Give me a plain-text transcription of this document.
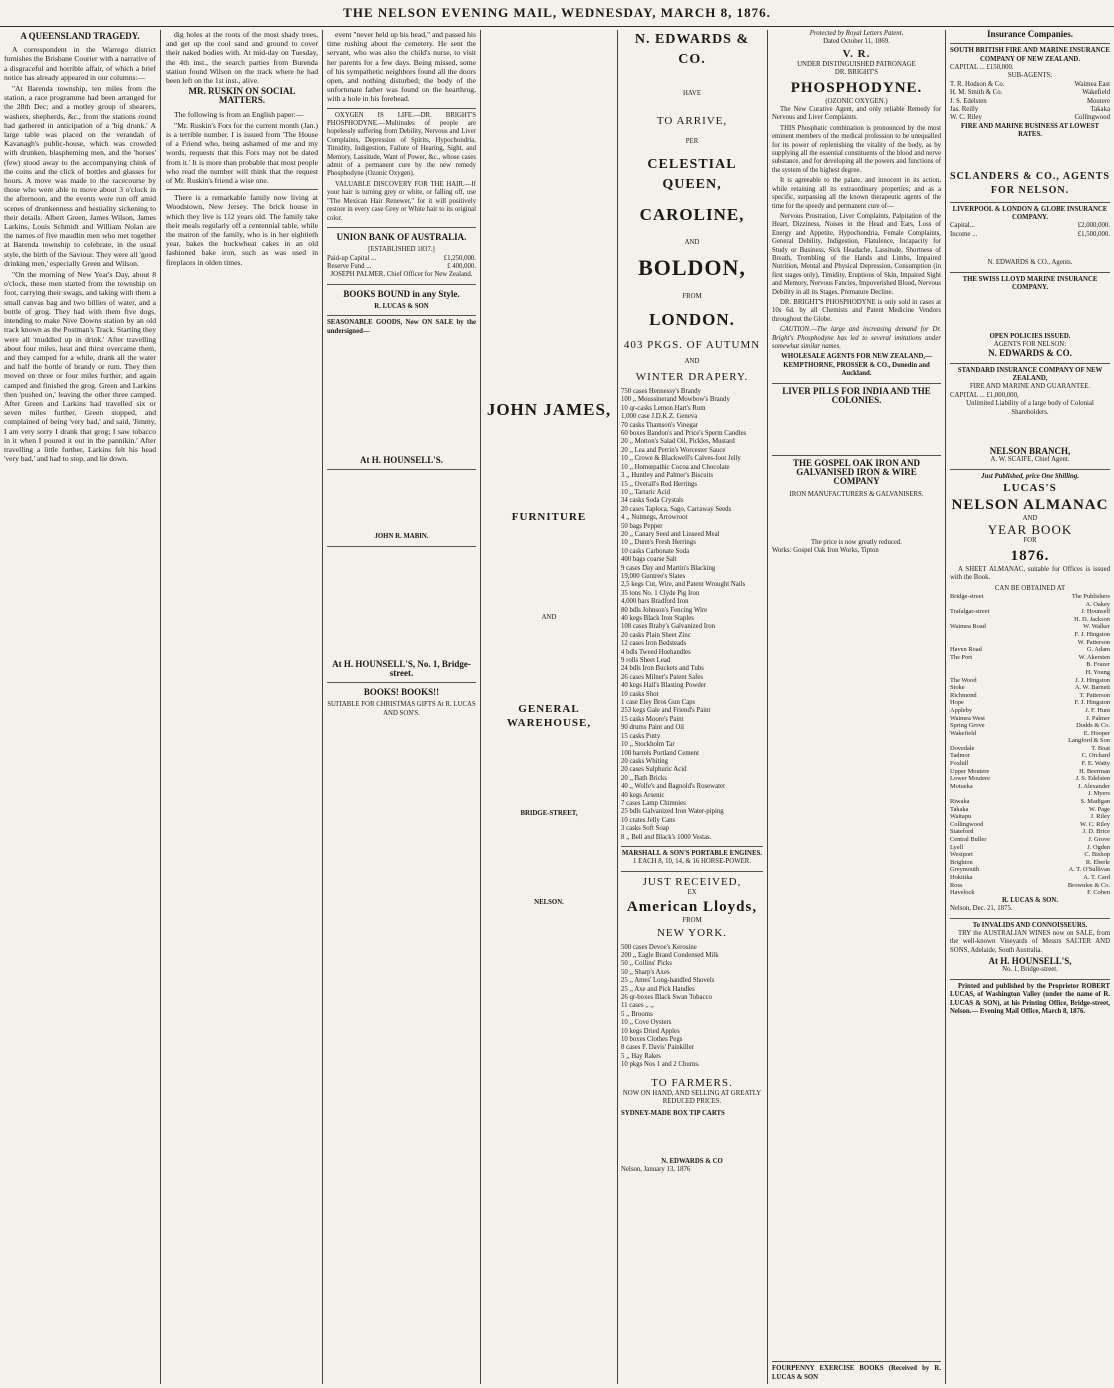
THE NELSON EVENING MAIL, WEDNESDAY, MARCH 8, 1876.
A QUEENSLAND TRAGEDY.

A correspondent in the Warrego district furnishes the Brisbane Courier with a narrative of a disgraceful and horrible affair, of which a brief notice has already appeared in our columns:—

"At Barenda township, ten miles from the station, a race programme had been arranged for the 28th Dec; and a motley group of shearers, washers, shepherds, &c., from the stations round had gathered in anticipation of a 'big drunk.' A large table was placed on the verandah of Kavanagh's public-house, which was crowded with drunken, blaspheming men, and the 'horses' (few) stood away to the accompanying chink of the coins and the click of bottles and glasses for hours. A move was made to the racecourse by those who were able to move about 3 o'clock in the afternoon, and the events were run off amid scenes of drunkenness and bestiality sickening to their details. Albert Green, James Wilson, James Larkins, Louis Schmidt and William Nolan are the names of five maudlin men who met together at Barenda township to celebrate, in the usual style, the birth of the Saviour. They were all 'good drinking men,' especially Green and Wilson.

"On the morning of New Year's Day, about 8 o'clock, these men started from the township on foot, carrying their swags, and taking with them a small canvas bag and two billies of water, and a bottle of grog. They had with them five dogs, intending to make Nive Downs station by an old track known as the Postman's Track. Starting they were all 'muddled up in drink.' After travelling about four miles, heat and thirst overcame them, and they camped for a while, drank all the water and half the bottle of brandy or rum. They then moved on three or four miles further, and again camped and finished the grog. Green and Larkins then 'pushed on,' leaving the other three camped. After Green and Larkins had travelled six or seven miles further, Green stopped, and complained of being 'very bad,' and said, 'Jimmy, I am very sorry I drank that grog; I saw tobacco in it when I poured it out in the pannikin.' After travelling a little further, Larkins felt his head 'very bad,' and had to stop, and lie down.

dig holes at the roots of the most shady trees, and get up the cool sand and ground to cover their naked bodies with. At mid-day on Tuesday, the 4th inst., the search parties from Burenda station found Wilson on the track where he had been left on the 1st inst., alive.

MR. RUSKIN ON SOCIAL MATTERS.

The following is from an English paper:—

"Mr. Ruskin's Fors for the current month (Jan.) is a terrible number. I is issued from 'The House of a Friend who, being ashamed of me and my words, requests that this Fors may not be dated from it.' It is more than probable that most people who read the number will think that the request of Mr. Ruskin's friend a wise one.

There is a remarkable family now living at Woodstown, New Jersey. The brick house in which they live is 112 years old. The family take their meals regularly off a centennial table, while the matron of the family, who is in her eightieth year, bakes the buckwheat cakes in an old fashioned bake iron, such as was used in fireplaces in olden times.

event "never held up his head," and passed his time rushing about the cemetery. He sent the servant, who was also the child's nurse, to visit her parents for a few days. Being missed, some of his sympathetic neighbors found all the doors open, and nothing disturbed; the body of the unfortunate father was found on the hearthrug, with a hole in his forehead.

OXYGEN IS LIFE.—DR. BRIGHT'S PHOSPHODYNE.—Multitudes of people are hopelessly suffering from Debility, Nervous and Liver Complaints, Depression of Spirits, Hypochondria, Timidity, Indigestion, Failure of Hearing, Sight, and Memory, Lassitude, Want of Power, &c., whose cases admit of a permanent cure by the new remedy Phosphodyne (Ozonic Oxygen).

VALUABLE DISCOVERY FOR THE HAIR.—If your hair is turning grey or white, or falling off, use "The Mexican Hair Renewer," for it will positively restore in every case Grey or White hair to its original color.

UNION BANK OF AUSTRALIA.
[ESTABLISHED 1837.]
Paid-up Capital ...	£1,250,000.
Reserve Fund ...	£ 400,000.
JOSEPH PALMER, Chief Officer for New Zealand.
BOOKS BOUND in any Style.
R. LUCAS & SON
SEASONABLE GOODS, Now ON SALE by the undersigned—
At H. HOUNSELL'S.
JOHN R. MABIN.
At H. HOUNSELL'S, No. 1, Bridge-street.
BOOKS! BOOKS!!
SUITABLE FOR CHRISTMAS GIFTS At R. LUCAS AND SON'S.
JOHN JAMES,
FURNITURE
AND
GENERAL WAREHOUSE,
BRIDGE-STREET,
NELSON.
N. EDWARDS & CO.
HAVE
TO ARRIVE,
PER
CELESTIAL QUEEN,
CAROLINE,
AND
BOLDON,
FROM
LONDON.
403 PKGS. OF AUTUMN
AND
WINTER DRAPERY.
750 cases Hennessy's Brandy
100 ,, Moussinerand Mowbow's Brandy
10 qr-casks Lemon Hart's Rum
1,000 case J.D.K.Z. Geneva
70 casks Thamson's Vinegar
60 boxes Bandon's and Price's Sperm Candles
20 ,, Motton's Salad Oil, Pickles, Mustard
20 ,, Lea and Perrin's Worcester Sauce
10 ,, Crowe & Blackwell's Calves-foot Jelly
10 ,, Homœpathic Cocoa and Chocolate
3 ,, Huntley and Palmer's Biscuits
15 ,, Overall's Red Herrings
10 ,, Tartaric Acid
34 casks Soda Crystals
20 cases Taploca, Sago, Carraway Seeds
4 ,, Nutmegs, Arrowroot
50 bags Pepper
20 ,, Canary Seed and Linseed Meal
10 ,, Dunn's Fresh Herrings
10 casks Carbonate Soda
400 bags coarse Salt
9 cases Day and Martin's Blacking
19,000 Guntree's Slates
2,5 kegs Cut, Wire, and Patent Wrought Nails
35 tons No. 1 Clyde Pig Iron
4,000 bars Bradford Iron
80 bdls Johnson's Fencing Wire
40 kegs Black Iron Staples
108 cases Braby's Galvanized Iron
20 casks Plain Sheet Zinc
12 cases Iron Bedsteads
4 bdls Tweed Hoehandles
9 rolls Sheet Lead
24 bdls Iron Buckets and Tubs
26 cases Milner's Patent Safes
40 kegs Hall's Blasting Powder
10 casks Shot
1 case Eley Bros Gun Caps
253 kegs Gale and Friend's Paint
15 casks Moore's Paint
90 drums Paint and Oil
15 casks Putty
10 ,, Stockholm Tar
100 barrels Portland Cement
20 casks Whiting
20 cases Sulphuric Acid
20 ,, Bath Bricks
40 ,, Wolfe's and Bagnold's Rosewater
40 kegs Arsenic
7 cases Lamp Chimnies
25 bdls Galvanized Iron Water-piping
10 crates Jelly Cans
3 casks Soft Soap
8 ,, Bell and Black's 1000 Vestas.
MARSHALL & SON'S PORTABLE ENGINES.
1 EACH 8, 10, 14, & 16 HORSE-POWER.
JUST RECEIVED,
EX
American Lloyds,
FROM
NEW YORK.
500 cases Devoe's Kerosine
200 ,, Eagle Brand Condensed Milk
50 ,, Collins' Picks
50 ,, Sharp's Axes
25 ,, Ames' Long-handled Shovels
25 ,, Axe and Pick Handles
26 qr-boxes Black Swan Tobacco
11 cases ,, ,,
5 ,, Brooms
10 ,, Cove Oysters
10 kegs Dried Apples
10 boxes Clothes Pegs
8 cases F. Davis' Painkiller
5 ,, Hay Rakes
10 pkgs Nos 1 and 2 Churns.
TO FARMERS.
NOW ON HAND, AND SELLING AT GREATLY REDUCED PRICES.
SYDNEY-MADE BOX TIP CARTS
N. EDWARDS & CO
Nelson, January 13, 1876
Protected by Royal Letters Patent.
Dated October 11, 1869.
V. R.
UNDER DISTINGUISHED PATRONAGE
DR. BRIGHT'S
PHOSPHODYNE.
(OZONIC OXYGEN.)

The New Curative Agent, and only reliable Remedy for Nervous and Liver Complaints.

THIS Phosphatic combination is pronounced by the most eminent members of the medical profession to be unequalled for its power of replenishing the vitality of the body, as by supplying all the essential constituents of the blood and nerve substance, and for developing all the powers and functions of the system of the highest degree.

It is agreeable to the palate, and innocent in its action, while retaining all its extraordinary properties; and as a specific, surpassing all the known therapeutic agents of the time for the speedy and permanent cure of—

Nervous Prostration, Liver Complaints, Palpitation of the Heart, Dizziness, Noises in the Head and Ears, Loss of Energy and Appetite, Hypochondria, Female Complaints, General Debility, Indigestion, Flatulence, Incapacity for Study or Business, Sick Headache, Lassitude, Shortness of Breath, Trembling of the Hands and Limbs, Impaired Nutrition, Mental and Physical Depression, Consumption (in first stages only), Timidity, Eruptions of Skin, Impaired Sight and Memory, Nervous Fancies, Impoverished Blood, Nervous Debility in all its Stages, Premature Decline.

DR. BRIGHT'S PHOSPHODYNE is only sold in cases at 10s 6d. by all Chemists and Patent Medicine Vendors throughout the Globe.

CAUTION.—The large and increasing demand for Dr. Bright's Phosphodyne has led to several imitations under somewhat similar names.

WHOLESALE AGENTS FOR NEW ZEALAND,— KEMPTHORNE, PROSSER & CO., Dunedin and Auckland.
LIVER PILLS FOR INDIA AND THE COLONIES.
THE GOSPEL OAK IRON AND GALVANISED IRON & WIRE COMPANY
IRON MANUFACTURERS & GALVANISERS.
The price is now greatly reduced.
Works: Gospel Oak Iron Works, Tipton
FOURPENNY EXERCISE BOOKS (Received by R. LUCAS & SON
Insurance Companies.
SOUTH BRITISH FIRE AND MARINE INSURANCE COMPANY OF NEW ZEALAND.
CAPITAL ... £150,000.
SUB-AGENTS:
T. R. Hodson & Co.	Waimea East
H. M. Smith & Co.	Wakefield
J. S. Edelsten	Moutere
Jas. Reilly	Takaka
W. C. Riley	Collingwood
FIRE AND MARINE BUSINESS AT LOWEST RATES.
SCLANDERS & CO., AGENTS FOR NELSON.
LIVERPOOL & LONDON & GLOBE INSURANCE COMPANY.
Capital...	£2,000,000.
Income ...	£1,500,000.
N. EDWARDS & CO., Agents.
THE SWISS LLOYD MARINE INSURANCE COMPANY.
OPEN POLICIES ISSUED.
AGENTS FOR NELSON:
N. EDWARDS & CO.
STANDARD INSURANCE COMPANY OF NEW ZEALAND,
FIRE AND MARINE AND GUARANTEE.
CAPITAL ... £1,000,000,
Unlimited Liability of a large body of Colonial Shareholders.
NELSON BRANCH,
A. W. SCAIFE, Chief Agent.
Just Published, price One Shilling.
LUCAS'S
NELSON ALMANAC
AND
YEAR BOOK
FOR
1876.

A SHEET ALMANAC, suitable for Offices is issued with the Book.

CAN BE OBTAINED AT
Bridge-street	The Publishers
A. Oakey
Trafalgar-street	J. Hounsell
H. D. Jackson
Waimea Road	W. Walker
F. J. Hingston
W. Patterson
Haven Road	G. Adam
The Port	W. Akersten
B. Frazer
H. Young
The Wood	J. J. Hingston
Stoke	A. W. Barnett
Richmond	T. Patterson
Hope	F. J. Hingston
Appleby	J. F. Hunt
Waimea West	J. Palmer
Spring Grove	Dodds & Co.
Wakefield	E. Hooper
Langford & Son
Dovedale	T. Boat
Tadmor	C. Orchard
Foxhill	F. E. Watty
Upper Moutere	H. Beerman
Lower Moutere	J. S. Edelsten
Motueka	J. Alexander
J. Myers
Riwaka	S. Madigan
Takaka	W. Page
Waitapu	J. Riley
Collingwood	W. C. Riley
Stateford	J. D. Brice
Central Buller	J. Grove
Lyell	J. Ogden
Westport	C. Bishop
Brighton	R. Eberle
Greymouth	A. T. O'Sullivan
Hokitika	A. T. Card
Ross	Brownlee & Co.
Havelock	F. Cohen
R. LUCAS & SON.
Nelson, Dec. 21, 1875.
To INVALIDS AND CONNOISSEURS.

TRY the AUSTRALIAN WINES now on SALE, from the well-known Vineyards of Messrs SALTER AND SONS, Adelaide, South Australia.

At H. HOUNSELL'S,
No. 1, Bridge-street.

Printed and published by the Proprietor ROBERT LUCAS, of Washington Valley (under the name of R. LUCAS & SON), at his Printing Office, Bridge-street, Nelson.— Evening Mail Office, March 8, 1876.
